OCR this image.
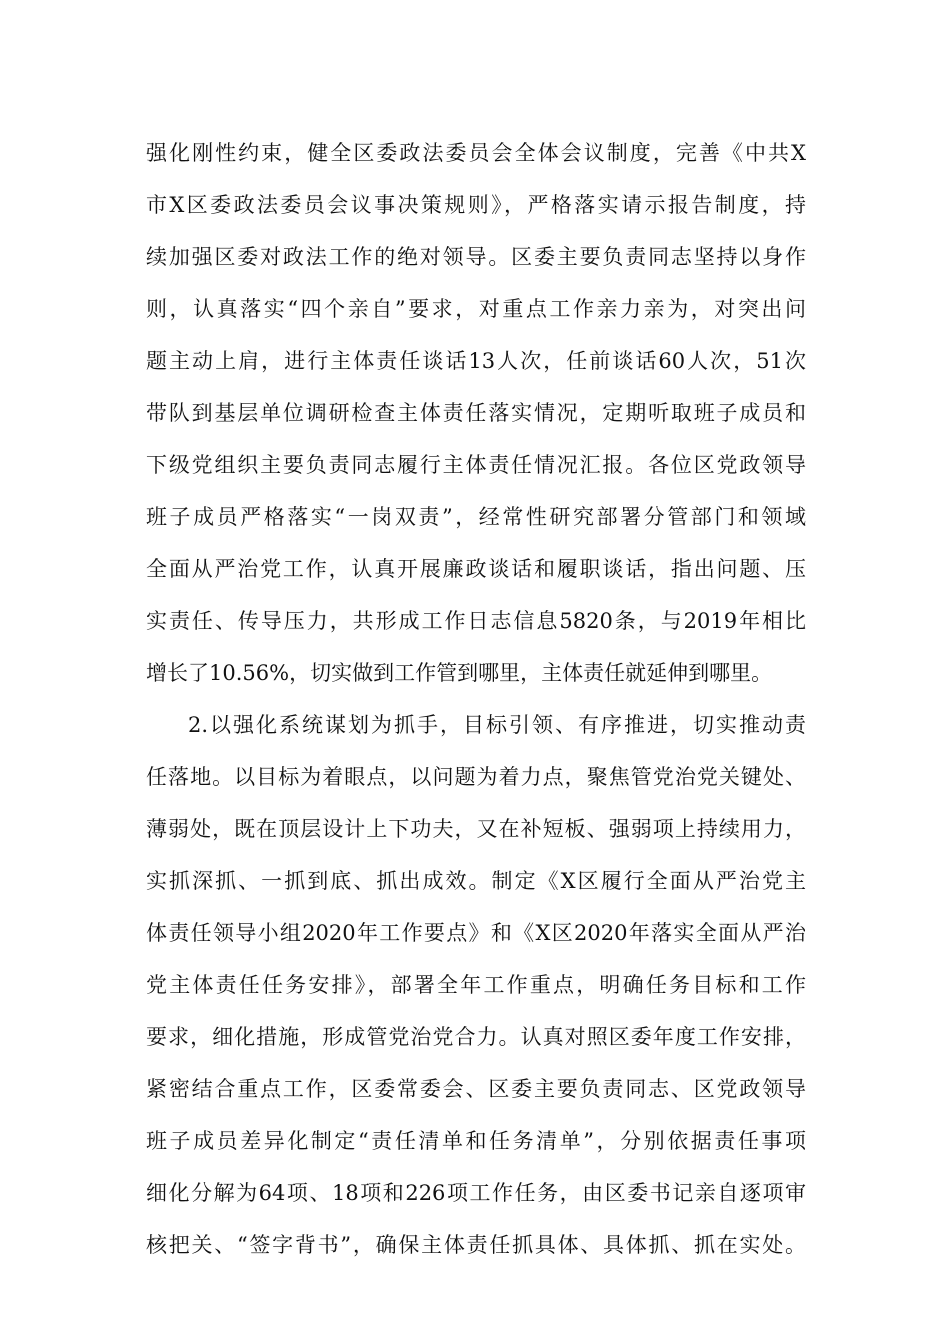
强化刚性约束，健全区委政法委员会全体会议制度，完善《中共X
市X区委政法委员会议事决策规则》，严格落实请示报告制度，持
续加强区委对政法工作的绝对领导。区委主要负责同志坚持以身作
则，认真落实“四个亲自”要求，对重点工作亲力亲为，对突出问
题主动上肩，进行主体责任谈话13人次，任前谈话60人次，51次
带队到基层单位调研检查主体责任落实情况，定期听取班子成员和
下级党组织主要负责同志履行主体责任情况汇报。各位区党政领导
班子成员严格落实“一岗双责”，经常性研究部署分管部门和领域
全面从严治党工作，认真开展廉政谈话和履职谈话，指出问题、压
实责任、传导压力，共形成工作日志信息5820条，与2019年相比
增长了10.56%，切实做到工作管到哪里，主体责任就延伸到哪里。
2.以强化系统谋划为抓手，目标引领、有序推进，切实推动责
任落地。以目标为着眼点，以问题为着力点，聚焦管党治党关键处、
薄弱处，既在顶层设计上下功夫，又在补短板、强弱项上持续用力，
实抓深抓、一抓到底、抓出成效。制定《X区履行全面从严治党主
体责任领导小组2020年工作要点》和《X区2020年落实全面从严治
党主体责任任务安排》，部署全年工作重点，明确任务目标和工作
要求，细化措施，形成管党治党合力。认真对照区委年度工作安排，
紧密结合重点工作，区委常委会、区委主要负责同志、区党政领导
班子成员差异化制定“责任清单和任务清单”，分别依据责任事项
细化分解为64项、18项和226项工作任务，由区委书记亲自逐项审
核把关、“签字背书”，确保主体责任抓具体、具体抓、抓在实处。
